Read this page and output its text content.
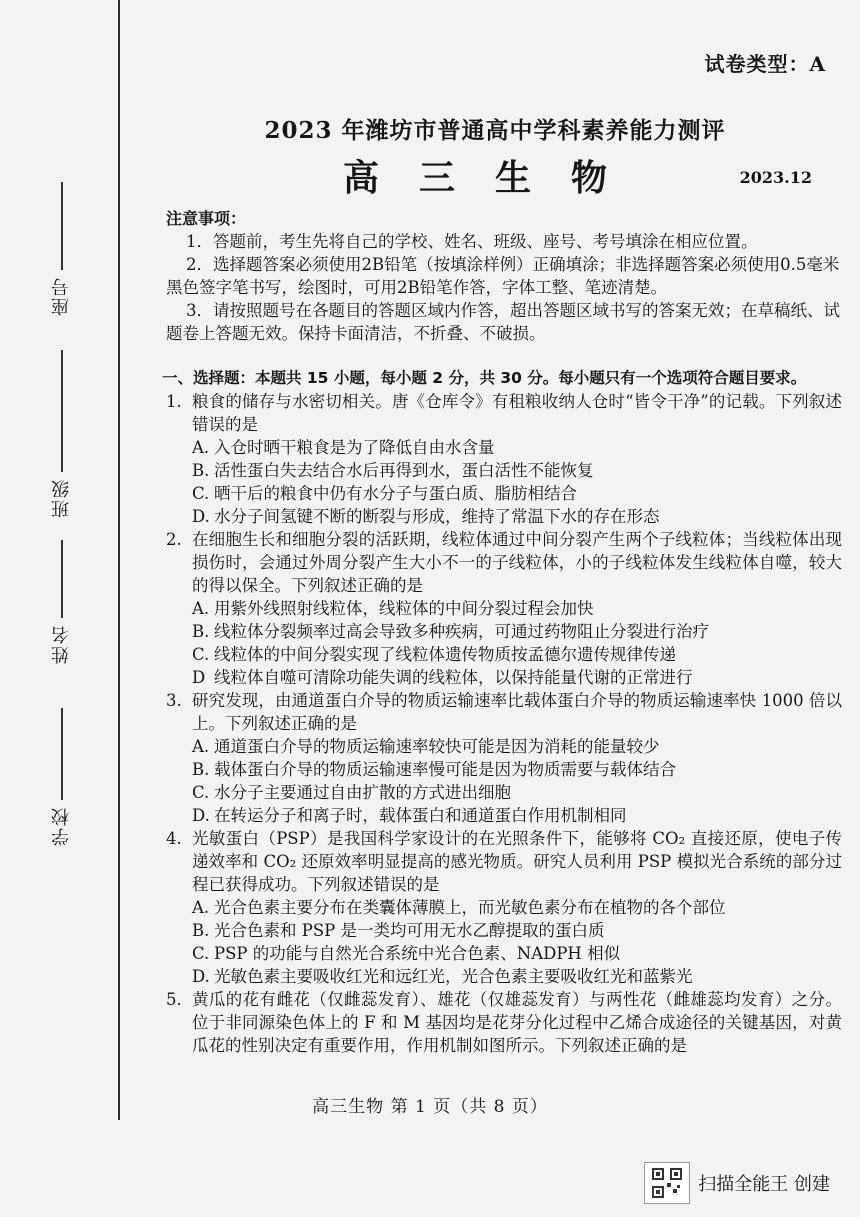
座号
班级
姓名
学校
试卷类型：A
2023 年潍坊市普通高中学科素养能力测评
高三生物	2023.12
注意事项：
1．答题前，考生先将自己的学校、姓名、班级、座号、考号填涂在相应位置。
2．选择题答案必须使用2B铅笔（按填涂样例）正确填涂；非选择题答案必须使用0.5毫米黑色签字笔书写，绘图时，可用2B铅笔作答，字体工整、笔迹清楚。
3．请按照题号在各题目的答题区域内作答，超出答题区域书写的答案无效；在草稿纸、试题卷上答题无效。保持卡面清洁，不折叠、不破损。
一、选择题：本题共 15 小题，每小题 2 分，共 30 分。每小题只有一个选项符合题目要求。
1. 粮食的储存与水密切相关。唐《仓库令》有租粮收纳人仓时“皆令干净”的记载。下列叙述错误的是
A. 入仓时晒干粮食是为了降低自由水含量
B. 活性蛋白失去结合水后再得到水，蛋白活性不能恢复
C. 晒干后的粮食中仍有水分子与蛋白质、脂肪相结合
D. 水分子间氢键不断的断裂与形成，维持了常温下水的存在形态
2. 在细胞生长和细胞分裂的活跃期，线粒体通过中间分裂产生两个子线粒体；当线粒体出现损伤时，会通过外周分裂产生大小不一的子线粒体，小的子线粒体发生线粒体自噬，较大的得以保全。下列叙述正确的是
A. 用紫外线照射线粒体，线粒体的中间分裂过程会加快
B. 线粒体分裂频率过高会导致多种疾病，可通过药物阻止分裂进行治疗
C. 线粒体的中间分裂实现了线粒体遗传物质按孟德尔遗传规律传递
D 线粒体自噬可清除功能失调的线粒体，以保持能量代谢的正常进行
3. 研究发现，由通道蛋白介导的物质运输速率比载体蛋白介导的物质运输速率快 1000 倍以上。下列叙述正确的是
A. 通道蛋白介导的物质运输速率较快可能是因为消耗的能量较少
B. 载体蛋白介导的物质运输速率慢可能是因为物质需要与载体结合
C. 水分子主要通过自由扩散的方式进出细胞
D. 在转运分子和离子时，载体蛋白和通道蛋白作用机制相同
4. 光敏蛋白（PSP）是我国科学家设计的在光照条件下，能够将 CO₂ 直接还原，使电子传递效率和 CO₂ 还原效率明显提高的感光物质。研究人员利用 PSP 模拟光合系统的部分过程已获得成功。下列叙述错误的是
A. 光合色素主要分布在类囊体薄膜上，而光敏色素分布在植物的各个部位
B. 光合色素和 PSP 是一类均可用无水乙醇提取的蛋白质
C. PSP 的功能与自然光合系统中光合色素、NADPH 相似
D. 光敏色素主要吸收红光和远红光，光合色素主要吸收红光和蓝紫光
5. 黄瓜的花有雌花（仅雌蕊发育）、雄花（仅雄蕊发育）与两性花（雌雄蕊均发育）之分。位于非同源染色体上的 F 和 M 基因均是花芽分化过程中乙烯合成途径的关键基因，对黄瓜花的性别决定有重要作用，作用机制如图所示。下列叙述正确的是
高三生物 第 1 页（共 8 页）
扫描全能王 创建
